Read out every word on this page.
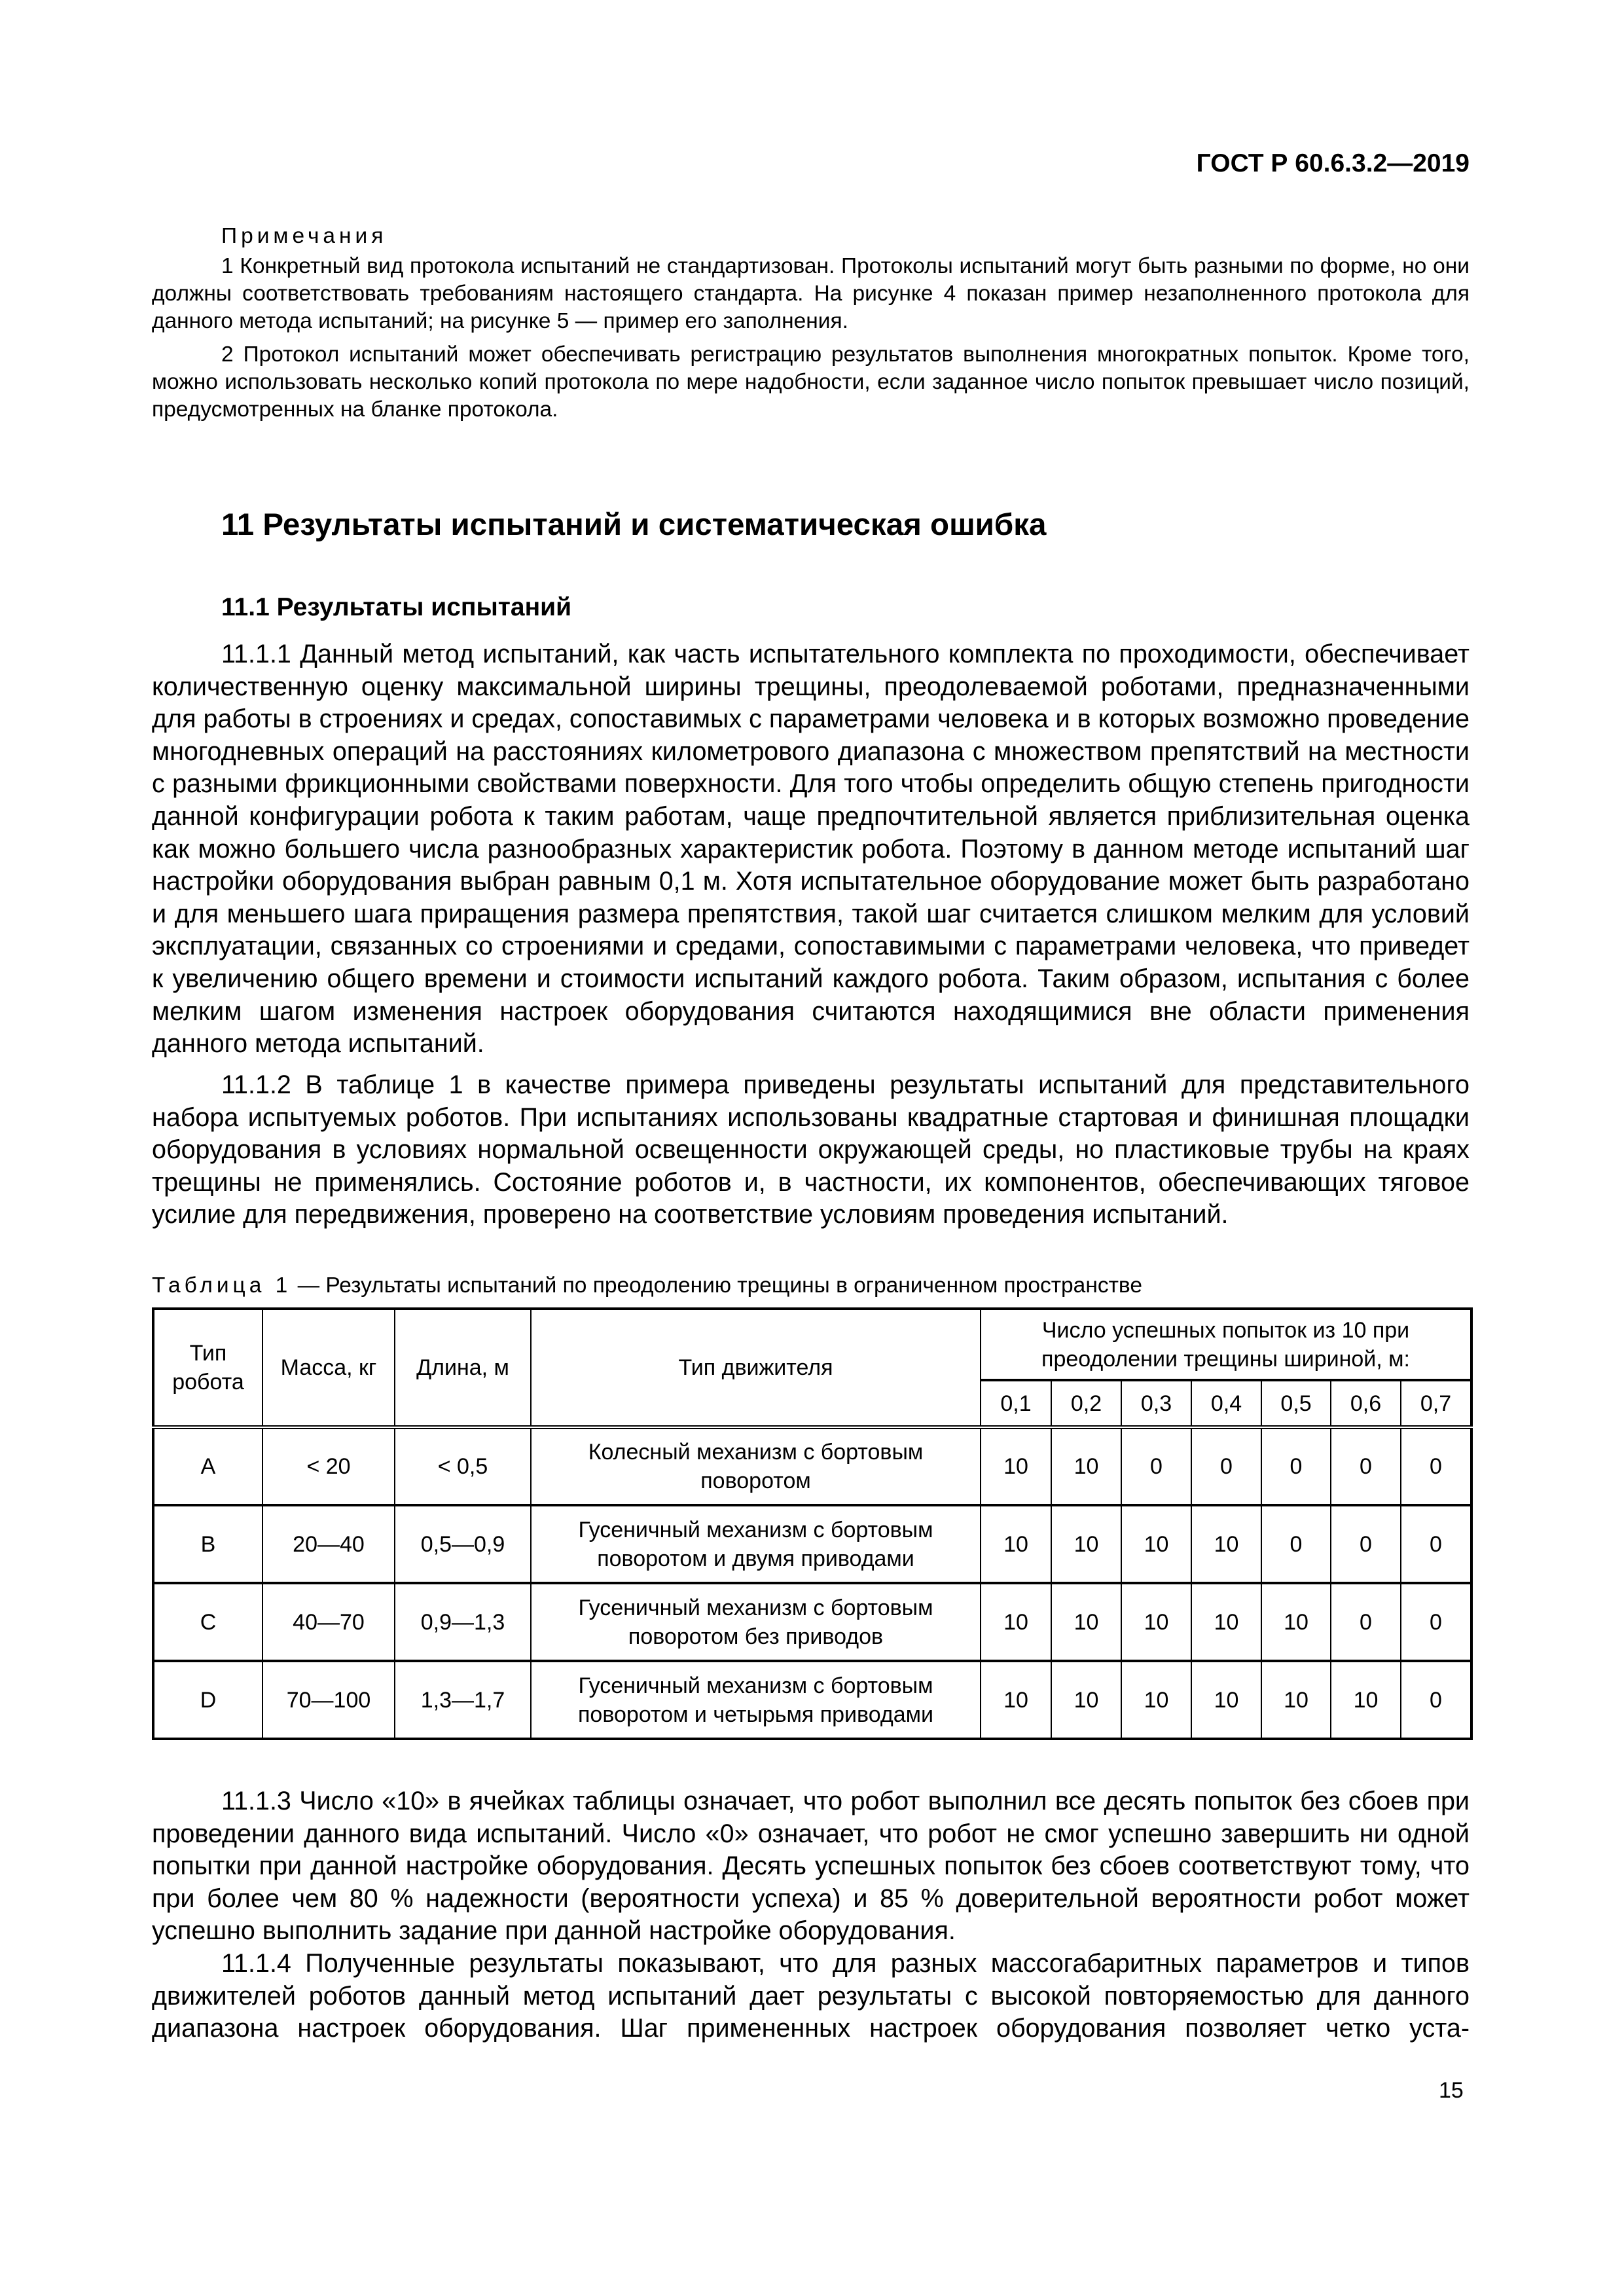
ГОСТ Р 60.6.3.2—2019
Примечания
1 Конкретный вид протокола испытаний не стандартизован. Протоколы испытаний могут быть разными по форме, но они должны соответствовать требованиям настоящего стандарта. На рисунке 4 показан пример незаполненного протокола для данного метода испытаний; на рисунке 5 — пример его заполнения.
2 Протокол испытаний может обеспечивать регистрацию результатов выполнения многократных попыток. Кроме того, можно использовать несколько копий протокола по мере надобности, если заданное число попыток превышает число позиций, предусмотренных на бланке протокола.
11 Результаты испытаний и систематическая ошибка
11.1 Результаты испытаний

11.1.1 Данный метод испытаний, как часть испытательного комплекта по проходимости, обеспечивает количественную оценку максимальной ширины трещины, преодолеваемой роботами, предназначенными для работы в строениях и средах, сопоставимых с параметрами человека и в которых возможно проведение многодневных операций на расстояниях километрового диапазона с множеством препятствий на местности с разными фрикционными свойствами поверхности. Для того чтобы определить общую степень пригодности данной конфигурации робота к таким работам, чаще предпочтительной является приблизительная оценка как можно большего числа разнообразных характеристик робота. Поэтому в данном методе испытаний шаг настройки оборудования выбран равным 0,1 м. Хотя испытательное оборудование может быть разработано и для меньшего шага приращения размера препятствия, такой шаг считается слишком мелким для условий эксплуатации, связанных со строениями и средами, сопоставимыми с параметрами человека, что приведет к увеличению общего времени и стоимости испытаний каждого робота. Таким образом, испытания с более мелким шагом изменения настроек оборудования считаются находящимися вне области применения данного метода испытаний.

11.1.2 В таблице 1 в качестве примера приведены результаты испытаний для представительного набора испытуемых роботов. При испытаниях использованы квадратные стартовая и финишная площадки оборудования в условиях нормальной освещенности окружающей среды, но пластиковые трубы на краях трещины не применялись. Состояние роботов и, в частности, их компонентов, обеспечивающих тяговое усилие для передвижения, проверено на соответствие условиям проведения испытаний.

Таблица 1 — Результаты испытаний по преодолению трещины в ограниченном пространстве
Тип робота	Масса, кг	Длина, м	Тип движителя	Число успешных попыток из 10 при преодолении трещины шириной, м:						
				0,1	0,2	0,3	0,4	0,5	0,6	0,7
A	< 20	< 0,5	Колесный механизм с бортовым поворотом	10	10	0	0	0	0	0
B	20—40	0,5—0,9	Гусеничный механизм с бортовым поворотом и двумя приводами	10	10	10	10	0	0	0
C	40—70	0,9—1,3	Гусеничный механизм с бортовым поворотом без приводов	10	10	10	10	10	0	0
D	70—100	1,3—1,7	Гусеничный механизм с бортовым поворотом и четырьмя приводами	10	10	10	10	10	10	0

11.1.3 Число «10» в ячейках таблицы означает, что робот выполнил все десять попыток без сбоев при проведении данного вида испытаний. Число «0» означает, что робот не смог успешно завершить ни одной попытки при данной настройке оборудования. Десять успешных попыток без сбоев соответствуют тому, что при более чем 80 % надежности (вероятности успеха) и 85 % доверительной вероятности робот может успешно выполнить задание при данной настройке оборудования.

11.1.4 Полученные результаты показывают, что для разных массогабаритных параметров и типов движителей роботов данный метод испытаний дает результаты с высокой повторяемостью для данного диапазона настроек оборудования. Шаг примененных настроек оборудования позволяет четко уста-

15
